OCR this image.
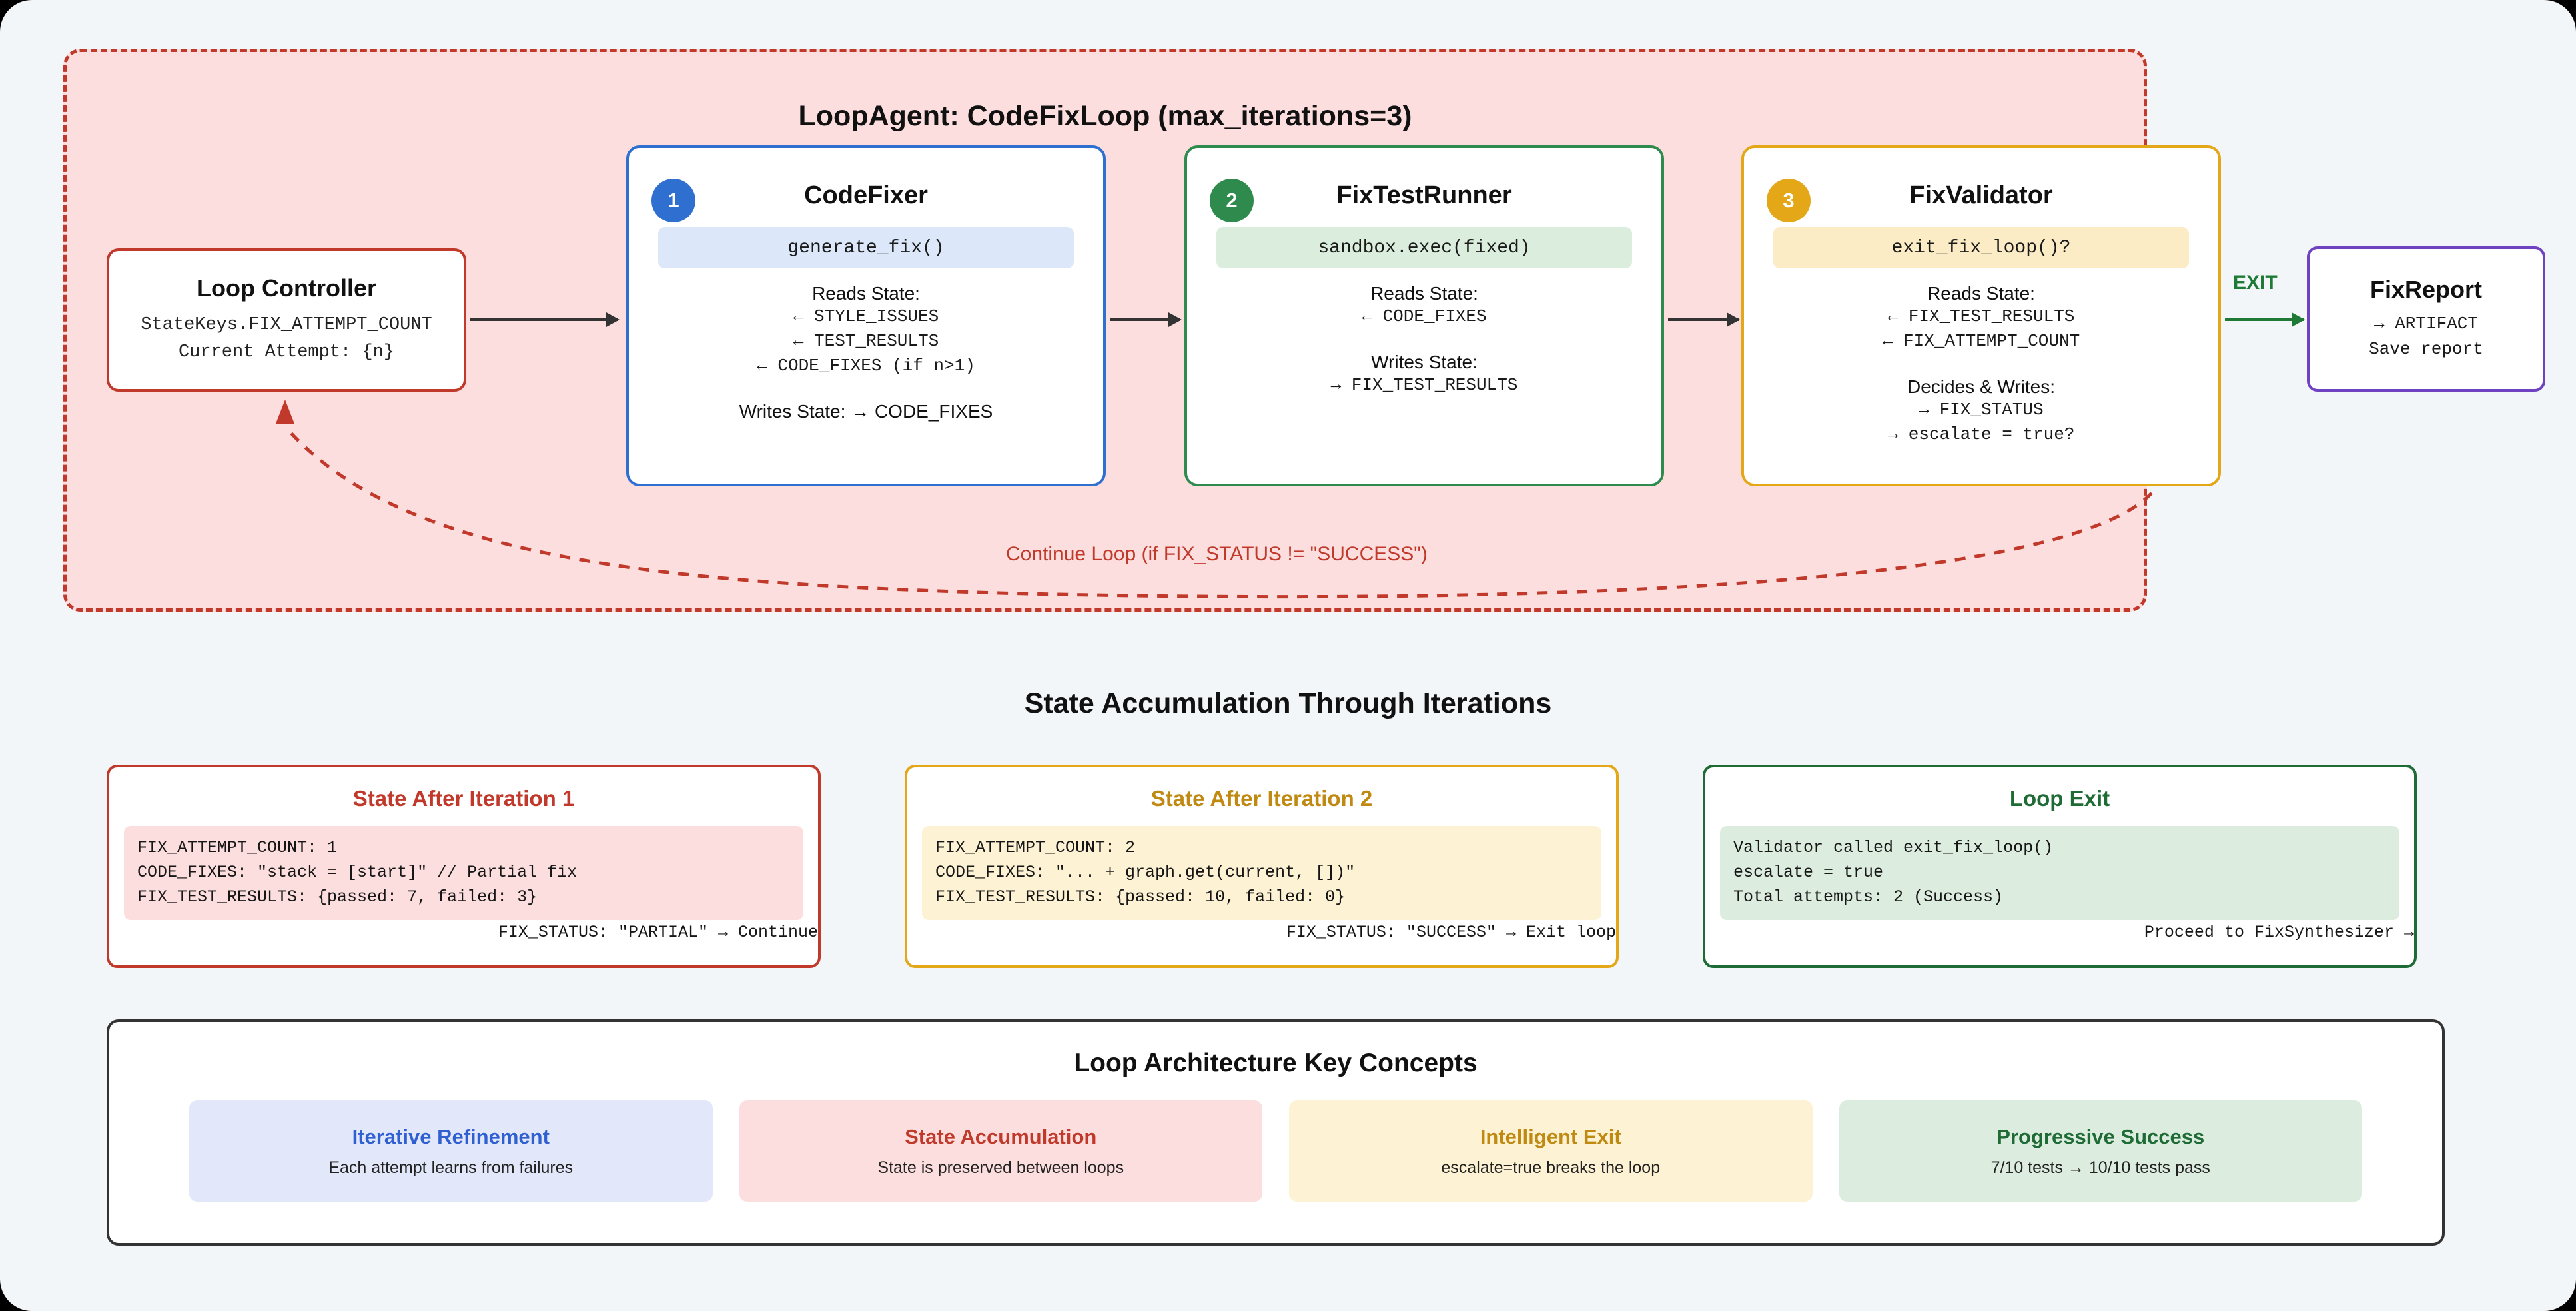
LoopAgent: CodeFixLoop (max_iterations=3)
Loop Controller
StateKeys.FIX_ATTEMPT_COUNT
Current Attempt: {n}
1	CodeFixer
generate_fix()
Reads State:
← STYLE_ISSUES
← TEST_RESULTS
← CODE_FIXES (if n>1)
Writes State: → CODE_FIXES
2	FixTestRunner
sandbox.exec(fixed)
Reads State:
← CODE_FIXES
Writes State:
→ FIX_TEST_RESULTS
3	FixValidator
exit_fix_loop()?
Reads State:
← FIX_TEST_RESULTS
← FIX_ATTEMPT_COUNT
Decides & Writes:
→ FIX_STATUS
→ escalate = true?
FixReport
→ ARTIFACT
Save report
EXIT
Continue Loop (if FIX_STATUS != "SUCCESS")
State Accumulation Through Iterations
State After Iteration 1
FIX_ATTEMPT_COUNT: 1
CODE_FIXES: "stack = [start]" // Partial fix
FIX_TEST_RESULTS: {passed: 7, failed: 3}
FIX_STATUS: "PARTIAL" → Continue
State After Iteration 2
FIX_ATTEMPT_COUNT: 2
CODE_FIXES: "... + graph.get(current, [])"
FIX_TEST_RESULTS: {passed: 10, failed: 0}
FIX_STATUS: "SUCCESS" → Exit loop
Loop Exit
Validator called exit_fix_loop()
escalate = true
Total attempts: 2 (Success)
Proceed to FixSynthesizer →
Loop Architecture Key Concepts
Iterative Refinement

Each attempt learns from failures

State Accumulation

State is preserved between loops

Intelligent Exit

escalate=true breaks the loop

Progressive Success

7/10 tests → 10/10 tests pass
